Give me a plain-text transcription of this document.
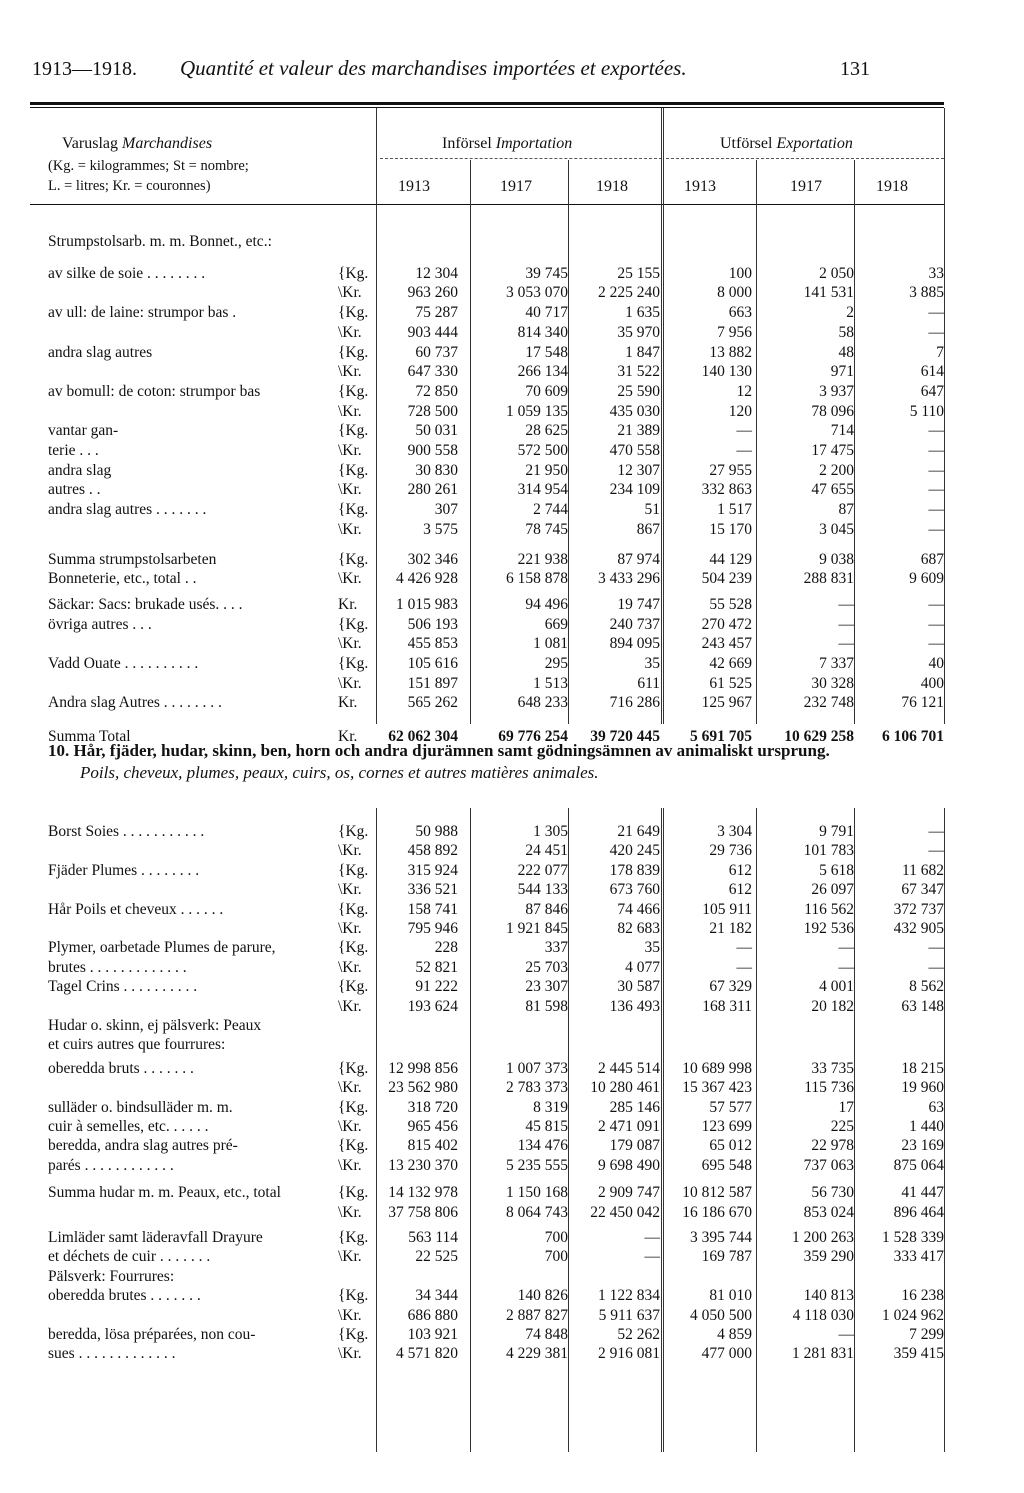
1913—1918. Quantité et valeur des marchandises importées et exportées.	131
Varuslag Marchandises
(Kg. = kilogrammes; St = nombre;
L. = litres; Kr. = couronnes)
Införsel Importation	Utförsel Exportation
1913	1917	1918	1913	1917	1918
Strumpstolsarb. m. m. Bonnet., etc.:
av silke de soie . . . . . . . .	{Kg.	12 304	39 745	25 155	100	2 050	33
\Kr.	963 260	3 053 070	2 225 240	8 000	141 531	3 885
av ull: de laine: strumpor bas .	{Kg.	75 287	40 717	1 635	663	2	—
\Kr.	903 444	814 340	35 970	7 956	58	—
andra slag autres	{Kg.	60 737	17 548	1 847	13 882	48	7
\Kr.	647 330	266 134	31 522	140 130	971	614
av bomull: de coton: strumpor bas	{Kg.	72 850	70 609	25 590	12	3 937	647
\Kr.	728 500	1 059 135	435 030	120	78 096	5 110
vantar gan-	{Kg.	50 031	28 625	21 389	—	714	—
terie . . .	\Kr.	900 558	572 500	470 558	—	17 475	—
andra slag	{Kg.	30 830	21 950	12 307	27 955	2 200	—
autres . .	\Kr.	280 261	314 954	234 109	332 863	47 655	—
andra slag autres . . . . . . .	{Kg.	307	2 744	51	1 517	87	—
\Kr.	3 575	78 745	867	15 170	3 045	—
Summa strumpstolsarbeten	{Kg.	302 346	221 938	87 974	44 129	9 038	687
Bonneterie, etc., total . .	\Kr.	4 426 928	6 158 878	3 433 296	504 239	288 831	9 609
Säckar: Sacs: brukade usés. . . .	Kr.	1 015 983	94 496	19 747	55 528	—	—
övriga autres . . .	{Kg.	506 193	669	240 737	270 472	—	—
\Kr.	455 853	1 081	894 095	243 457	—	—
Vadd Ouate . . . . . . . . . .	{Kg.	105 616	295	35	42 669	7 337	40
\Kr.	151 897	1 513	611	61 525	30 328	400
Andra slag Autres . . . . . . . .	Kr.	565 262	648 233	716 286	125 967	232 748	76 121
Summa Total	Kr.	62 062 304	69 776 254	39 720 445	5 691 705	10 629 258	6 106 701
10. Hår, fjäder, hudar, skinn, ben, horn och andra djurämnen samt gödningsämnen av animaliskt ursprung.
Poils, cheveux, plumes, peaux, cuirs, os, cornes et autres matières animales.
Borst Soies . . . . . . . . . . .	{Kg.	50 988	1 305	21 649	3 304	9 791	—
\Kr.	458 892	24 451	420 245	29 736	101 783	—
Fjäder Plumes . . . . . . . .	{Kg.	315 924	222 077	178 839	612	5 618	11 682
\Kr.	336 521	544 133	673 760	612	26 097	67 347
Hår Poils et cheveux . . . . . .	{Kg.	158 741	87 846	74 466	105 911	116 562	372 737
\Kr.	795 946	1 921 845	82 683	21 182	192 536	432 905
Plymer, oarbetade Plumes de parure,	{Kg.	228	337	35	—	—	—
brutes . . . . . . . . . . . . .	\Kr.	52 821	25 703	4 077	—	—	—
Tagel Crins . . . . . . . . . .	{Kg.	91 222	23 307	30 587	67 329	4 001	8 562
\Kr.	193 624	81 598	136 493	168 311	20 182	63 148
Hudar o. skinn, ej pälsverk: Peaux
et cuirs autres que fourrures:
oberedda bruts . . . . . . .	{Kg.	12 998 856	1 007 373	2 445 514	10 689 998	33 735	18 215
\Kr.	23 562 980	2 783 373	10 280 461	15 367 423	115 736	19 960
sulläder o. bindsulläder m. m.	{Kg.	318 720	8 319	285 146	57 577	17	63
cuir à semelles, etc. . . . . .	\Kr.	965 456	45 815	2 471 091	123 699	225	1 440
beredda, andra slag autres pré-	{Kg.	815 402	134 476	179 087	65 012	22 978	23 169
parés . . . . . . . . . . . .	\Kr.	13 230 370	5 235 555	9 698 490	695 548	737 063	875 064
Summa hudar m. m. Peaux, etc., total	{Kg.	14 132 978	1 150 168	2 909 747	10 812 587	56 730	41 447
\Kr.	37 758 806	8 064 743	22 450 042	16 186 670	853 024	896 464
Limläder samt läderavfall Drayure	{Kg.	563 114	700	—	3 395 744	1 200 263	1 528 339
et déchets de cuir . . . . . . .	\Kr.	22 525	700	—	169 787	359 290	333 417
Pälsverk: Fourrures:
oberedda brutes . . . . . . .	{Kg.	34 344	140 826	1 122 834	81 010	140 813	16 238
\Kr.	686 880	2 887 827	5 911 637	4 050 500	4 118 030	1 024 962
beredda, lösa préparées, non cou-	{Kg.	103 921	74 848	52 262	4 859	—	7 299
sues . . . . . . . . . . . . .	\Kr.	4 571 820	4 229 381	2 916 081	477 000	1 281 831	359 415
